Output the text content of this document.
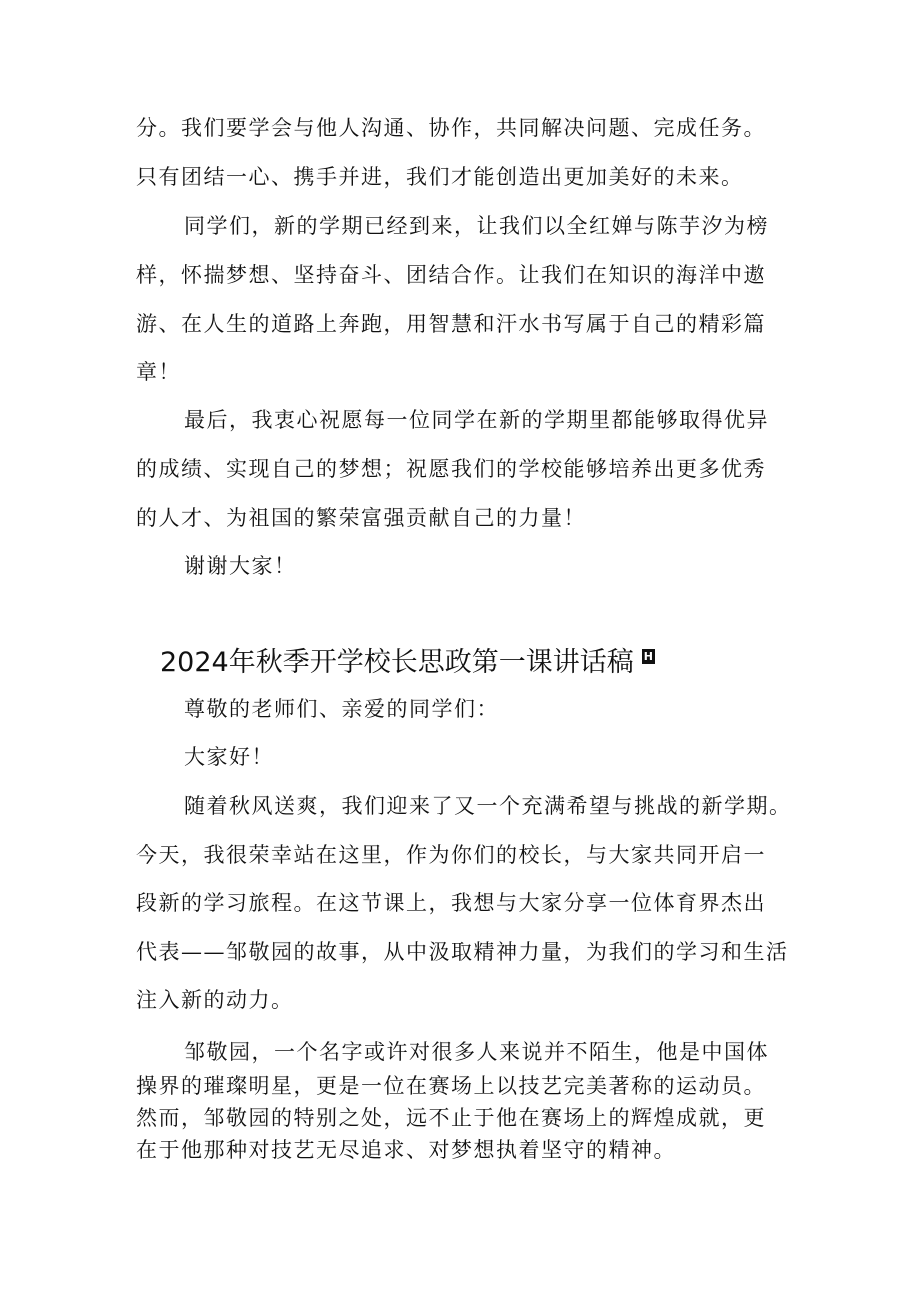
分。我们要学会与他人沟通、协作，共同解决问题、完成任务。
只有团结一心、携手并进，我们才能创造出更加美好的未来。
同学们，新的学期已经到来，让我们以全红婵与陈芋汐为榜
样，怀揣梦想、坚持奋斗、团结合作。让我们在知识的海洋中遨
游、在人生的道路上奔跑，用智慧和汗水书写属于自己的精彩篇
章！
最后，我衷心祝愿每一位同学在新的学期里都能够取得优异
的成绩、实现自己的梦想；祝愿我们的学校能够培养出更多优秀
的人才、为祖国的繁荣富强贡献自己的力量！
谢谢大家！
2024年秋季开学校长思政第一课讲话稿 H
尊敬的老师们、亲爱的同学们：
大家好！
随着秋风送爽，我们迎来了又一个充满希望与挑战的新学期。
今天，我很荣幸站在这里，作为你们的校长，与大家共同开启一
段新的学习旅程。在这节课上，我想与大家分享一位体育界杰出
代表——邹敬园的故事，从中汲取精神力量，为我们的学习和生活
注入新的动力。
邹敬园，一个名字或许对很多人来说并不陌生，他是中国体
操界的璀璨明星，更是一位在赛场上以技艺完美著称的运动员。
然而，邹敬园的特别之处，远不止于他在赛场上的辉煌成就，更
在于他那种对技艺无尽追求、对梦想执着坚守的精神。
